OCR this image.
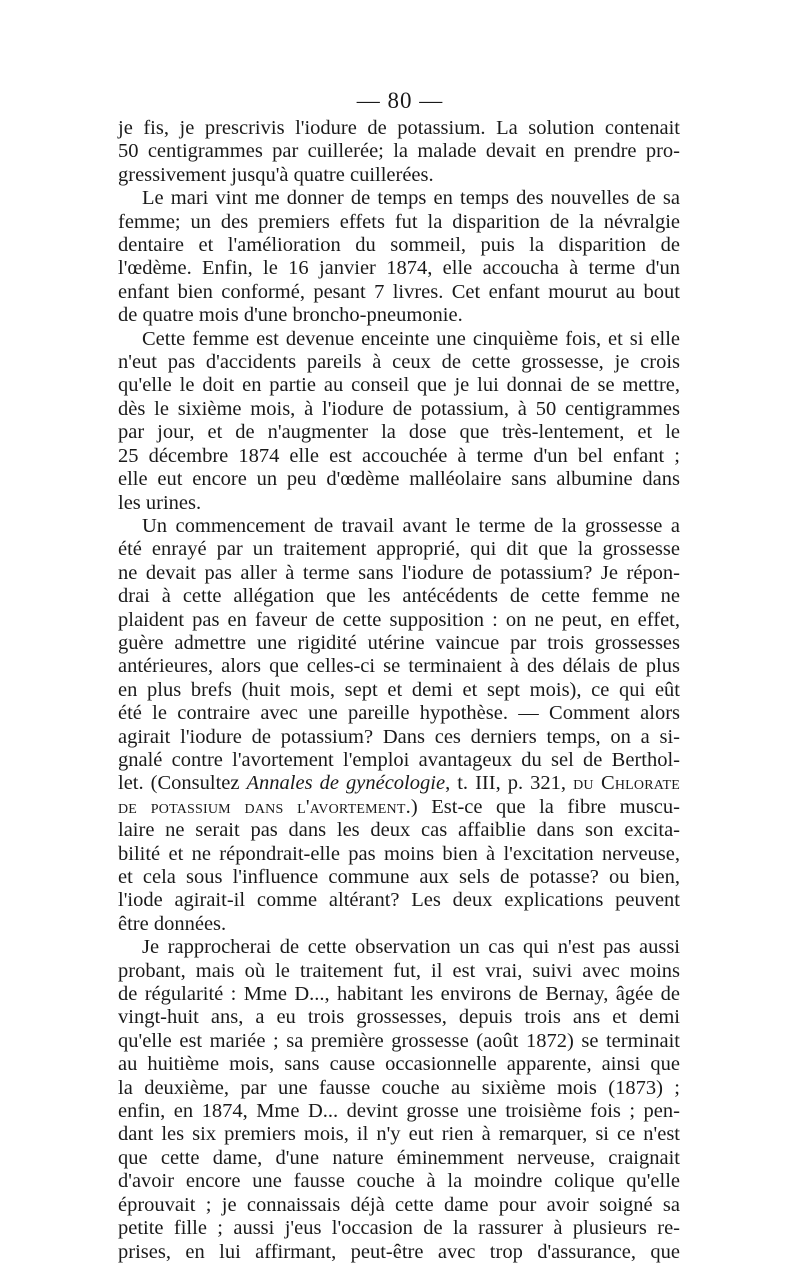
— 80 —

je fis, je prescrivis l'iodure de potassium. La solution contenait

50 centigrammes par cuillerée; la malade devait en prendre pro-

gressivement jusqu'à quatre cuillerées.

Le mari vint me donner de temps en temps des nouvelles de sa

femme; un des premiers effets fut la disparition de la névralgie

dentaire et l'amélioration du sommeil, puis la disparition de

l'œdème. Enfin, le 16 janvier 1874, elle accoucha à terme d'un

enfant bien conformé, pesant 7 livres. Cet enfant mourut au bout

de quatre mois d'une broncho-pneumonie.

Cette femme est devenue enceinte une cinquième fois, et si elle

n'eut pas d'accidents pareils à ceux de cette grossesse, je crois

qu'elle le doit en partie au conseil que je lui donnai de se mettre,

dès le sixième mois, à l'iodure de potassium, à 50 centigrammes

par jour, et de n'augmenter la dose que très-lentement, et le

25 décembre 1874 elle est accouchée à terme d'un bel enfant ;

elle eut encore un peu d'œdème malléolaire sans albumine dans

les urines.

Un commencement de travail avant le terme de la grossesse a

été enrayé par un traitement approprié, qui dit que la grossesse

ne devait pas aller à terme sans l'iodure de potassium? Je répon-

drai à cette allégation que les antécédents de cette femme ne

plaident pas en faveur de cette supposition : on ne peut, en effet,

guère admettre une rigidité utérine vaincue par trois grossesses

antérieures, alors que celles-ci se terminaient à des délais de plus

en plus brefs (huit mois, sept et demi et sept mois), ce qui eût

été le contraire avec une pareille hypothèse. — Comment alors

agirait l'iodure de potassium? Dans ces derniers temps, on a si-

gnalé contre l'avortement l'emploi avantageux du sel de Berthol-

let. (Consultez Annales de gynécologie, t. III, p. 321, du Chlorate

de potassium dans l'avortement.) Est-ce que la fibre muscu-

laire ne serait pas dans les deux cas affaiblie dans son excita-

bilité et ne répondrait-elle pas moins bien à l'excitation nerveuse,

et cela sous l'influence commune aux sels de potasse? ou bien,

l'iode agirait-il comme altérant? Les deux explications peuvent

être données.

Je rapprocherai de cette observation un cas qui n'est pas aussi

probant, mais où le traitement fut, il est vrai, suivi avec moins

de régularité : Mme D..., habitant les environs de Bernay, âgée de

vingt-huit ans, a eu trois grossesses, depuis trois ans et demi

qu'elle est mariée ; sa première grossesse (août 1872) se terminait

au huitième mois, sans cause occasionnelle apparente, ainsi que

la deuxième, par une fausse couche au sixième mois (1873) ;

enfin, en 1874, Mme D... devint grosse une troisième fois ; pen-

dant les six premiers mois, il n'y eut rien à remarquer, si ce n'est

que cette dame, d'une nature éminemment nerveuse, craignait

d'avoir encore une fausse couche à la moindre colique qu'elle

éprouvait ; je connaissais déjà cette dame pour avoir soigné sa

petite fille ; aussi j'eus l'occasion de la rassurer à plusieurs re-

prises, en lui affirmant, peut-être avec trop d'assurance, que
